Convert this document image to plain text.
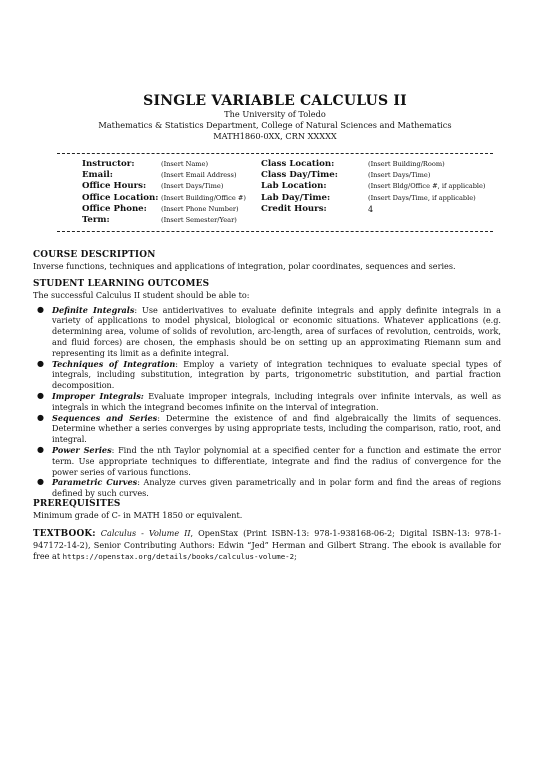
SINGLE VARIABLE CALCULUS II
The University of Toledo
Mathematics & Statistics Department, College of Natural Sciences and Mathematics
MATH1860-0XX, CRN XXXXX
Instructor:	(Insert Name)	Class Location:	(Insert Building/Room)
Email:	(Insert Email Address)	Class Day/Time:	(Insert Days/Time)
Office Hours: (Insert Days/Time)	Lab Location:	(Insert Bldg/Office #, if applicable)
Office Location: (Insert Building/Office #) Lab Day/Time:	(Insert Days/Time, if applicable)
Office Phone: (Insert Phone Number)	Credit Hours:	4
Term:	(Insert Semester/Year)
COURSE DESCRIPTION

Inverse functions, techniques and applications of integration, polar coordinates, sequences and series.

STUDENT LEARNING OUTCOMES

The successful Calculus II student should be able to:

● Definite Integrals: Use antiderivatives to evaluate definite integrals and apply definite integrals in a variety of applications to model physical, biological or economic situations. Whatever applications (e.g. determining area, volume of solids of revolution, arc-length, area of surfaces of revolution, centroids, work, and fluid forces) are chosen, the emphasis should be on setting up an approximating Riemann sum and representing its limit as a definite integral.
● Techniques of Integration: Employ a variety of integration techniques to evaluate special types of integrals, including substitution, integration by parts, trigonometric substitution, and partial fraction decomposition.
● Improper Integrals: Evaluate improper integrals, including integrals over infinite intervals, as well as integrals in which the integrand becomes infinite on the interval of integration.
● Sequences and Series: Determine the existence of and find algebraically the limits of sequences. Determine whether a series converges by using appropriate tests, including the comparison, ratio, root, and integral.
● Power Series: Find the nth Taylor polynomial at a specified center for a function and estimate the error term. Use appropriate techniques to differentiate, integrate and find the radius of convergence for the power series of various functions.
● Parametric Curves: Analyze curves given parametrically and in polar form and find the areas of regions defined by such curves.
PREREQUISITES

Minimum grade of C- in MATH 1850 or equivalent.

TEXTBOOK: Calculus - Volume II, OpenStax (Print ISBN-13: 978-1-938168-06-2; Digital ISBN-13: 978-1-947172-14-2), Senior Contributing Authors: Edwin “Jed” Herman and Gilbert Strang. The ebook is available for free at https://openstax.org/details/books/calculus-volume-2;
